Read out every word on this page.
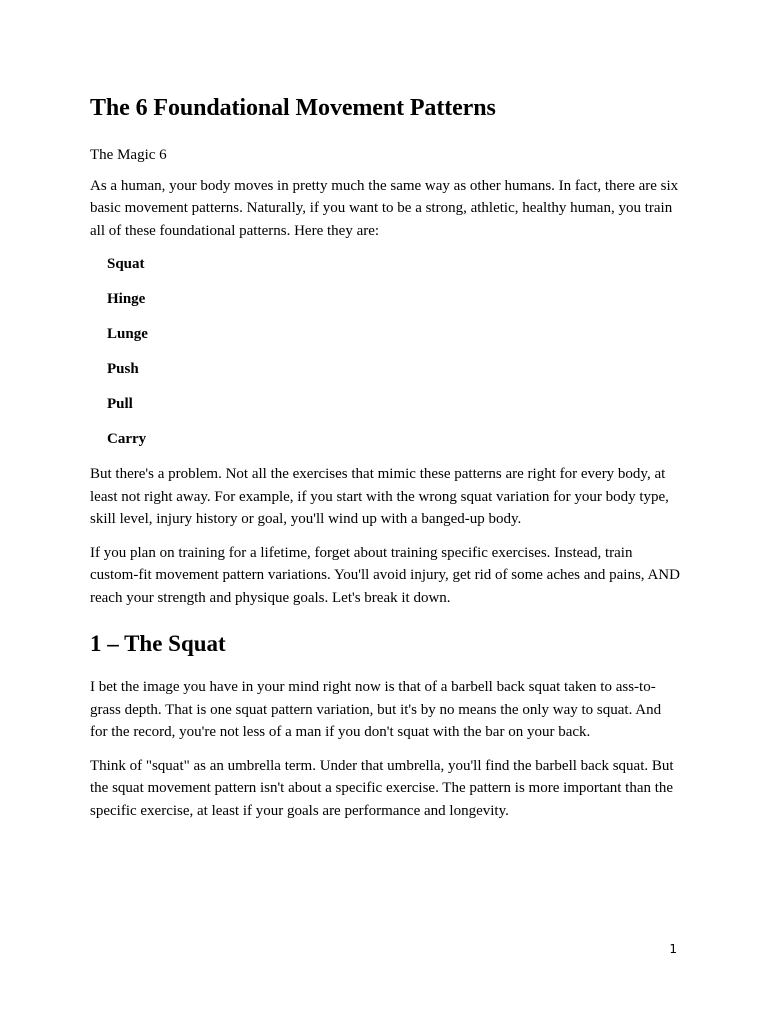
The 6 Foundational Movement Patterns

The Magic 6

As a human, your body moves in pretty much the same way as other humans. In fact, there are six basic movement patterns. Naturally, if you want to be a strong, athletic, healthy human, you train all of these foundational patterns. Here they are:

Squat
Hinge
Lunge
Push
Pull
Carry

But there's a problem. Not all the exercises that mimic these patterns are right for every body, at least not right away. For example, if you start with the wrong squat variation for your body type, skill level, injury history or goal, you'll wind up with a banged-up body.

If you plan on training for a lifetime, forget about training specific exercises. Instead, train custom-fit movement pattern variations. You'll avoid injury, get rid of some aches and pains, AND reach your strength and physique goals. Let's break it down.

1 – The Squat

I bet the image you have in your mind right now is that of a barbell back squat taken to ass-to-grass depth. That is one squat pattern variation, but it's by no means the only way to squat. And for the record, you're not less of a man if you don't squat with the bar on your back.

Think of "squat" as an umbrella term. Under that umbrella, you'll find the barbell back squat. But the squat movement pattern isn't about a specific exercise. The pattern is more important than the specific exercise, at least if your goals are performance and longevity.

1
